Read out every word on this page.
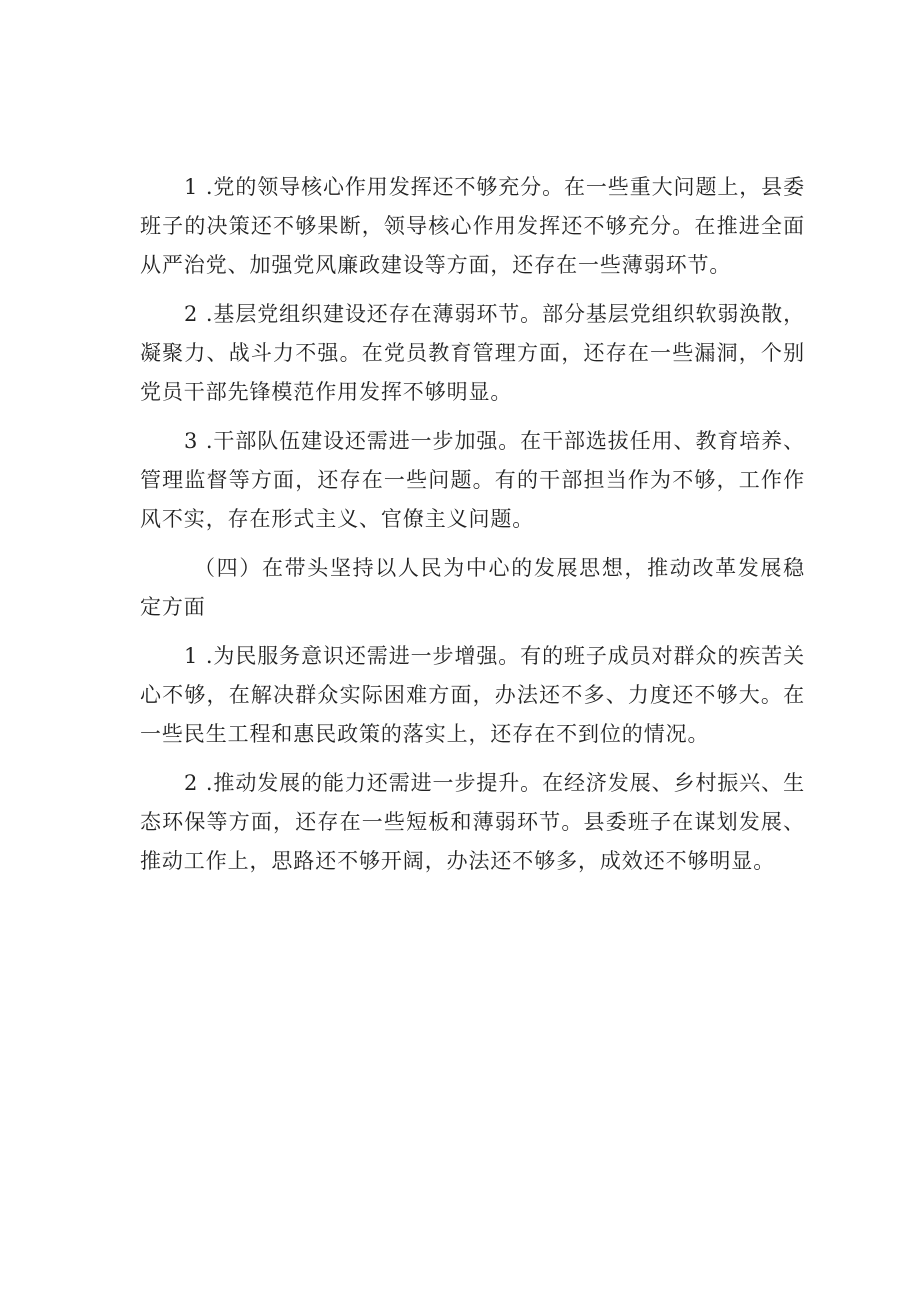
1 .党的领导核心作用发挥还不够充分。在一些重大问题上，县委班子的决策还不够果断，领导核心作用发挥还不够充分。在推进全面从严治党、加强党风廉政建设等方面，还存在一些薄弱环节。

2 .基层党组织建设还存在薄弱环节。部分基层党组织软弱涣散，凝聚力、战斗力不强。在党员教育管理方面，还存在一些漏洞，个别党员干部先锋模范作用发挥不够明显。

3 .干部队伍建设还需进一步加强。在干部选拔任用、教育培养、管理监督等方面，还存在一些问题。有的干部担当作为不够，工作作风不实，存在形式主义、官僚主义问题。

（四）在带头坚持以人民为中心的发展思想，推动改革发展稳定方面

1 .为民服务意识还需进一步增强。有的班子成员对群众的疾苦关心不够，在解决群众实际困难方面，办法还不多、力度还不够大。在一些民生工程和惠民政策的落实上，还存在不到位的情况。

2 .推动发展的能力还需进一步提升。在经济发展、乡村振兴、生态环保等方面，还存在一些短板和薄弱环节。县委班子在谋划发展、推动工作上，思路还不够开阔，办法还不够多，成效还不够明显。
